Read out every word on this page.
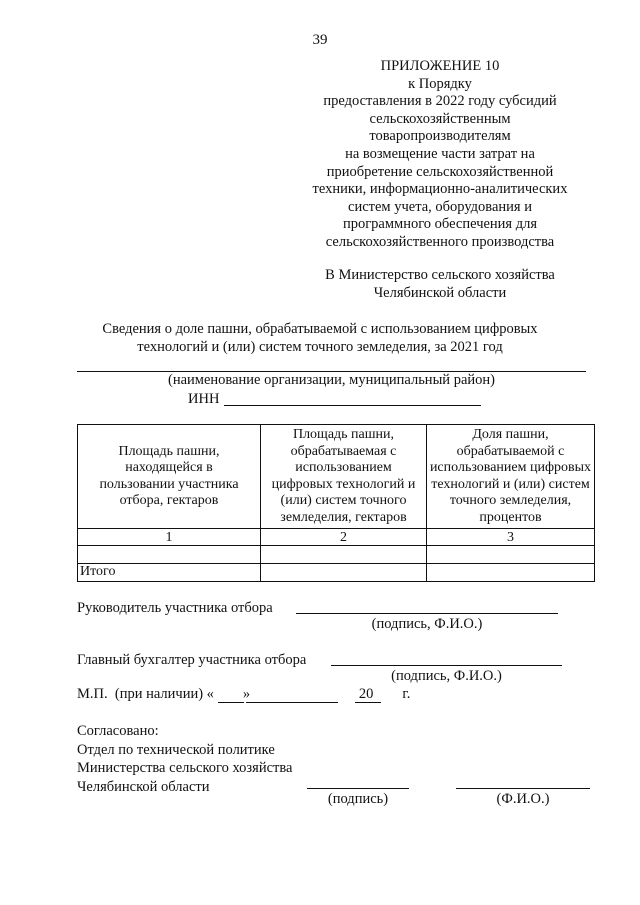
39
ПРИЛОЖЕНИЕ 10
к Порядку
предоставления в 2022 году субсидий
сельскохозяйственным
товаропроизводителям
на возмещение части затрат на
приобретение сельскохозяйственной
техники, информационно-аналитических
систем учета, оборудования и
программного обеспечения для
сельскохозяйственного производства
В Министерство сельского хозяйства
Челябинской области
Сведения о доле пашни, обрабатываемой с использованием цифровых
технологий и (или) систем точного земледелия, за 2021 год
(наименование организации, муниципальный район)
ИНН
Площадь пашни, находящейся в пользовании участника отбора, гектаров	Площадь пашни, обрабатываемая с использованием цифровых технологий и (или) систем точного земледелия, гектаров	Доля пашни, обрабатываемой с использованием цифровых технологий и (или) систем точного земледелия, процентов
1	2	3

Итого		
Руководитель участника отбора
(подпись, Ф.И.О.)
Главный бухгалтер участника отбора
(подпись, Ф.И.О.)
М.П.  (при наличии) «        »                              20        г.
Согласовано:
Отдел по технической политике
Министерства сельского хозяйства
Челябинской области
(подпись)	(Ф.И.О.)
